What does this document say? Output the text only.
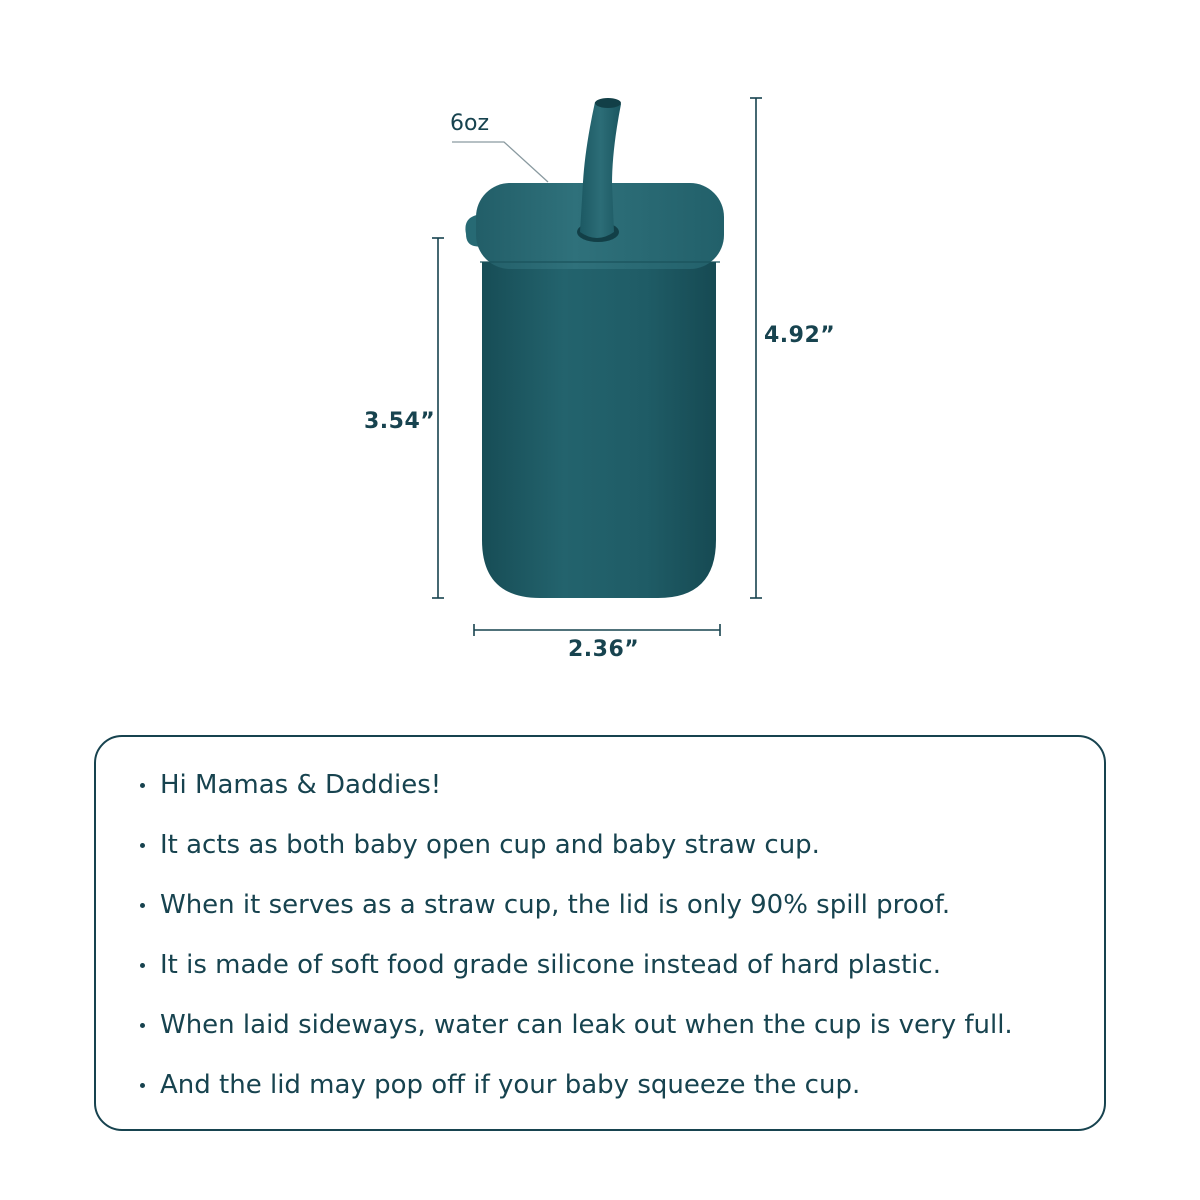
6oz
4.92”
3.54”
2.36”
Hi Mamas & Daddies!
It acts as both baby open cup and baby straw cup.
When it serves as a straw cup, the lid is only 90% spill proof.
It is made of soft food grade silicone instead of hard plastic.
When laid sideways, water can leak out when the cup is very full.
And the lid may pop off if your baby squeeze the cup.
